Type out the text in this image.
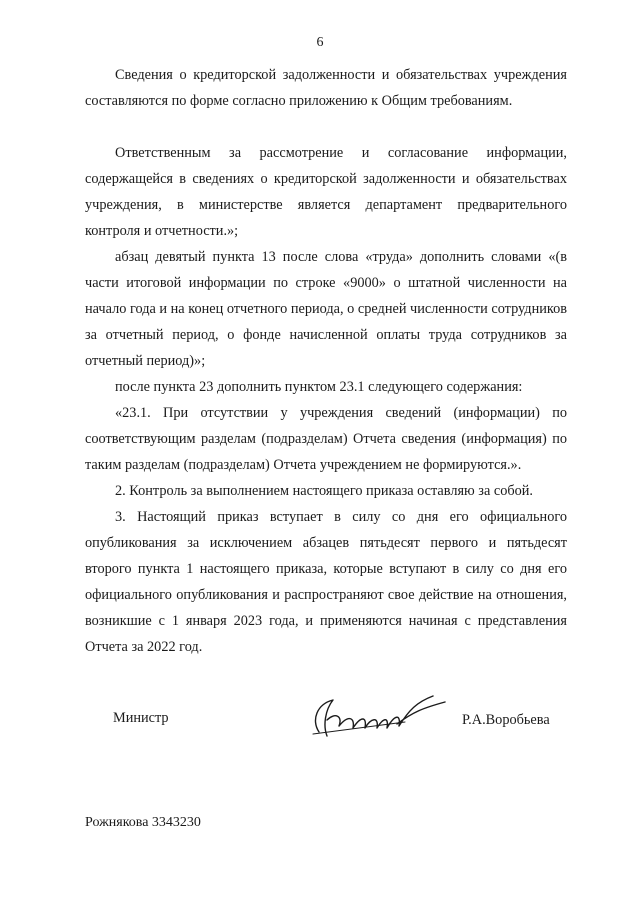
6
Сведения о кредиторской задолженности и обязательствах учреждения составляются по форме согласно приложению к Общим требованиям.
Ответственным за рассмотрение и согласование информации, содержащейся в сведениях о кредиторской задолженности и обязательствах учреждения, в министерстве является департамент предварительного контроля и отчетности.»;
абзац девятый пункта 13 после слова «труда» дополнить словами «(в части итоговой информации по строке «9000» о штатной численности на начало года и на конец отчетного периода, о средней численности сотрудников за отчетный период, о фонде начисленной оплаты труда сотрудников за отчетный период)»;
после пункта 23 дополнить пунктом 23.1 следующего содержания:
«23.1. При отсутствии у учреждения сведений (информации) по соответствующим разделам (подразделам) Отчета сведения (информация) по таким разделам (подразделам) Отчета учреждением не формируются.».
2. Контроль за выполнением настоящего приказа оставляю за собой.
3. Настоящий приказ вступает в силу со дня его официального опубликования за исключением абзацев пятьдесят первого и пятьдесят второго пункта 1 настоящего приказа, которые вступают в силу со дня его официального опубликования и распространяют свое действие на отношения, возникшие с 1 января 2023 года, и применяются начиная с представления Отчета за 2022 год.
Министр	Р.А.Воробьева
Рожнякова 3343230
